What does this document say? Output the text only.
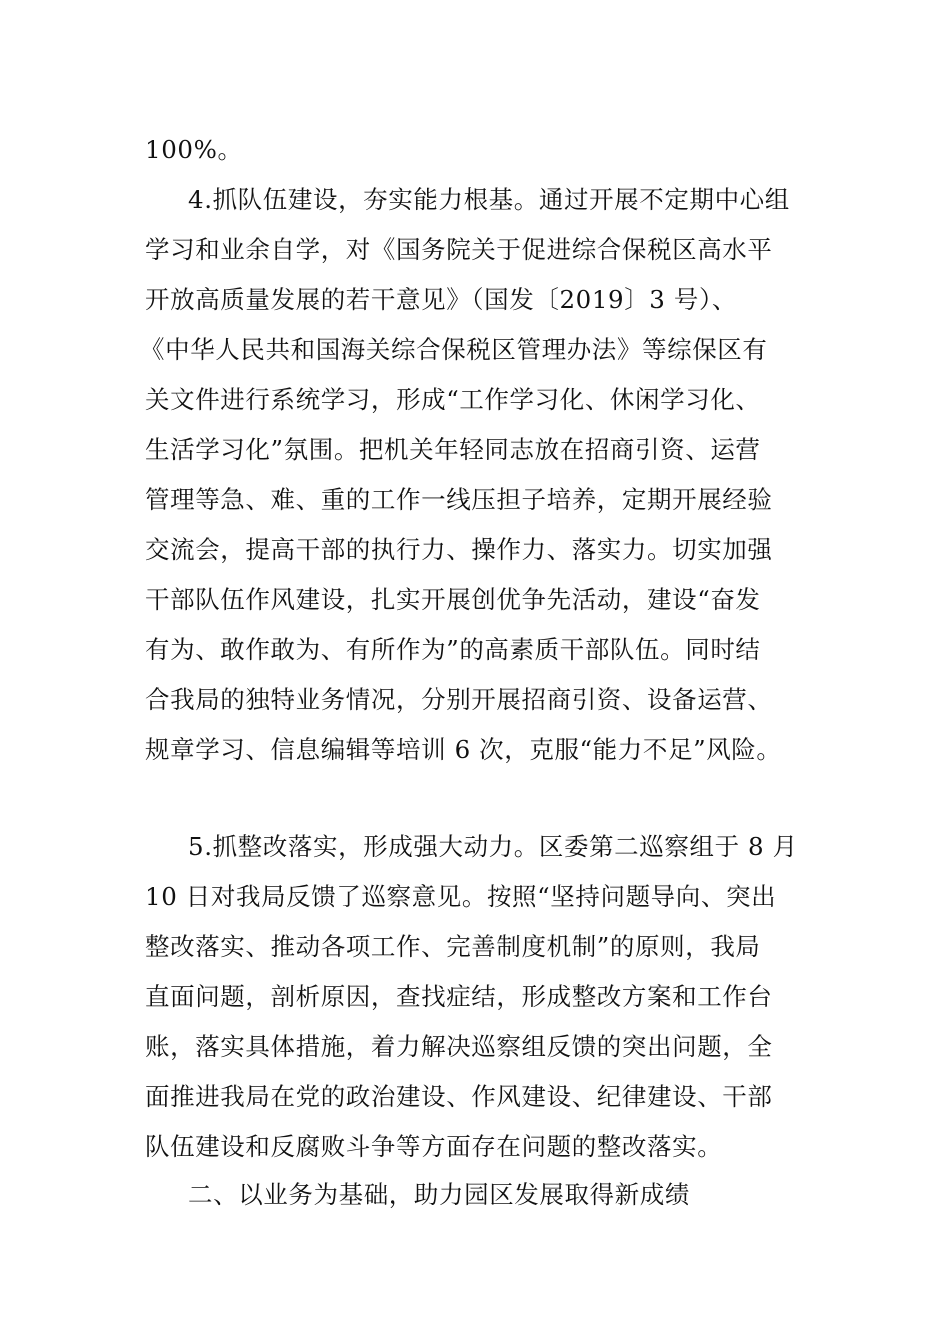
100%。
4.抓队伍建设，夯实能力根基。通过开展不定期中心组
学习和业余自学，对《国务院关于促进综合保税区高水平
开放高质量发展的若干意见》（国发〔2019〕3 号）、
《中华人民共和国海关综合保税区管理办法》等综保区有
关文件进行系统学习，形成“工作学习化、休闲学习化、
生活学习化”氛围。把机关年轻同志放在招商引资、运营
管理等急、难、重的工作一线压担子培养，定期开展经验
交流会，提高干部的执行力、操作力、落实力。切实加强
干部队伍作风建设，扎实开展创优争先活动，建设“奋发
有为、敢作敢为、有所作为”的高素质干部队伍。同时结
合我局的独特业务情况，分别开展招商引资、设备运营、
规章学习、信息编辑等培训 6 次，克服“能力不足”风险。
5.抓整改落实，形成强大动力。区委第二巡察组于 8 月
10 日对我局反馈了巡察意见。按照“坚持问题导向、突出
整改落实、推动各项工作、完善制度机制”的原则，我局
直面问题，剖析原因，查找症结，形成整改方案和工作台
账，落实具体措施，着力解决巡察组反馈的突出问题，全
面推进我局在党的政治建设、作风建设、纪律建设、干部
队伍建设和反腐败斗争等方面存在问题的整改落实。
二、以业务为基础，助力园区发展取得新成绩
